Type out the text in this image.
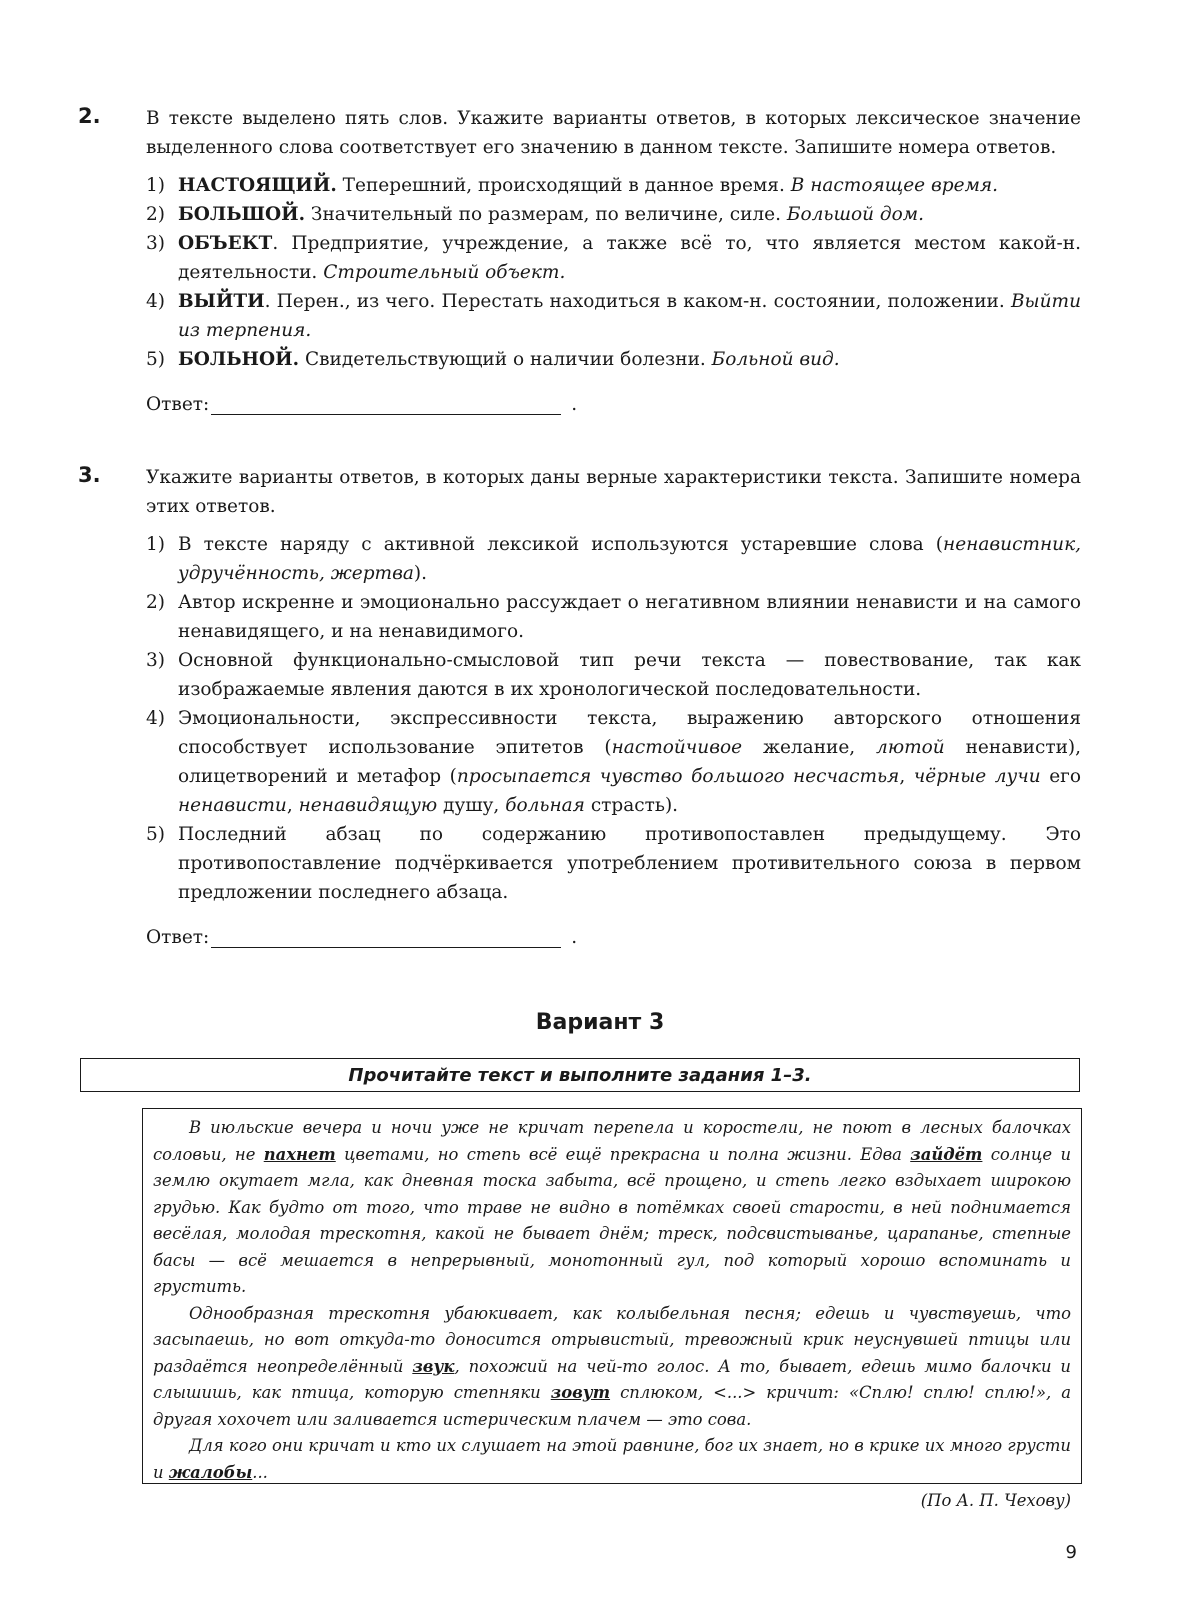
2. В тексте выделено пять слов. Укажите варианты ответов, в которых лексическое значение выделенного слова соответствует его значению в данном тексте. Запишите номера ответов.

1) НАСТОЯЩИЙ. Теперешний, происходящий в данное время. В настоящее время.
2) БОЛЬШОЙ. Значительный по размерам, по величине, силе. Большой дом.
3) ОБЪЕКТ. Предприятие, учреждение, а также всё то, что является местом какой-н. деятельности. Строительный объект.
4) ВЫЙТИ. Перен., из чего. Перестать находиться в каком-н. состоянии, положении. Выйти из терпения.
5) БОЛЬНОЙ. Свидетельствующий о наличии болезни. Больной вид.
Ответ:	.
3. Укажите варианты ответов, в которых даны верные характеристики текста. Запишите номера этих ответов.

1) В тексте наряду с активной лексикой используются устаревшие слова (ненавистник, удручённость, жертва).
2) Автор искренне и эмоционально рассуждает о негативном влиянии ненависти и на самого ненавидящего, и на ненавидимого.
3) Основной функционально-смысловой тип речи текста — повествование, так как изображаемые явления даются в их хронологической последовательности.
4) Эмоциональности, экспрессивности текста, выражению авторского отношения способствует использование эпитетов (настойчивое желание, лютой ненависти), олицетворений и метафор (просыпается чувство большого несчастья, чёрные лучи его ненависти, ненавидящую душу, больная страсть).
5) Последний абзац по содержанию противопоставлен предыдущему. Это противопоставление подчёркивается употреблением противительного союза в первом предложении последнего абзаца.
Ответ:	.
Вариант 3
Прочитайте текст и выполните задания 1–3.

В июльские вечера и ночи уже не кричат перепела и коростели, не поют в лесных балочках соловьи, не пахнет цветами, но степь всё ещё прекрасна и полна жизни. Едва зайдёт солнце и землю окутает мгла, как дневная тоска забыта, всё прощено, и степь легко вздыхает широкою грудью. Как будто от того, что траве не видно в потёмках своей старости, в ней поднимается весёлая, молодая трескотня, какой не бывает днём; треск, подсвистыванье, царапанье, степные басы — всё мешается в непрерывный, монотонный гул, под который хорошо вспоминать и грустить.

Однообразная трескотня убаюкивает, как колыбельная песня; едешь и чувствуешь, что засыпаешь, но вот откуда-то доносится отрывистый, тревожный крик неуснувшей птицы или раздаётся неопределённый звук, похожий на чей-то голос. А то, бывает, едешь мимо балочки и слышишь, как птица, которую степняки зовут сплюком, <...> кричит: «Сплю! сплю! сплю!», а другая хохочет или заливается истерическим плачем — это сова.

Для кого они кричат и кто их слушает на этой равнине, бог их знает, но в крике их много грусти и жалобы...

(По А. П. Чехову)
9
